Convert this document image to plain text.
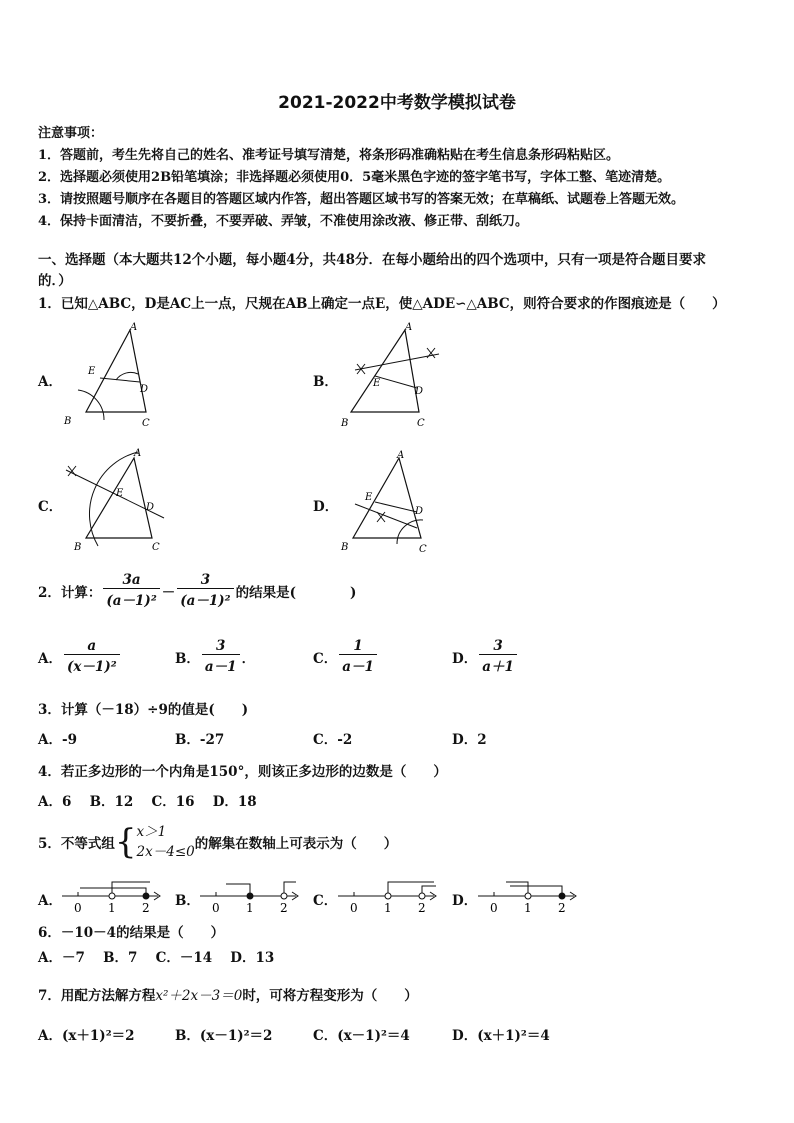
2021-2022中考数学模拟试卷
注意事项：
1．答题前，考生先将自己的姓名、准考证号填写清楚，将条形码准确粘贴在考生信息条形码粘贴区。
2．选择题必须使用2B铅笔填涂；非选择题必须使用0．5毫米黑色字迹的签字笔书写，字体工整、笔迹清楚。
3．请按照题号顺序在各题目的答题区域内作答，超出答题区域书写的答案无效；在草稿纸、试题卷上答题无效。
4．保持卡面清洁，不要折叠，不要弄破、弄皱，不准使用涂改液、修正带、刮纸刀。
一、选择题（本大题共12个小题，每小题4分，共48分．在每小题给出的四个选项中，只有一项是符合题目要求
的．）
1．已知△ABC，D是AC上一点，尺规在AB上确定一点E，使△ADE∽△ABC，则符合要求的作图痕迹是（　　）
A．
A
E
D
B	C
B．
A
E
D
B	C
C．
A
E
D
B	C
D．
A
E
D
B	C
2．计算： $\frac{3a}{\text{(a－1)²}} - \frac{3}{\text{(a－1)²}}$ 的结果是(　　　　)
A． $\frac{a}{\text{(x－1)²}}$	B． $\frac{3}{a-1}$ ．	C． $\frac{1}{a-1}$	D． $\frac{3}{a+1}$
3．计算（－18）÷9的值是(　　)
A．-9	B．-27	C．-2	D．2
4．若正多边形的一个内角是150°，则该正多边形的边数是（　　）
A．6　 B．12　 C．16　 D．18
5．不等式组 { x＞1
2x－4≤0 的解集在数轴上可表示为（　　）
A． 0 1 2 B． 0 1 2 C． 0 1 2 D． 0 1 2
6．－10－4的结果是（　　）
A．－7　 B．7　 C．－14　 D．13
7．用配方法解方程x²＋2x－3＝0时，可将方程变形为（　　）
A．(x＋1)²＝2	B．(x－1)²＝2	C．(x－1)²＝4	D．(x＋1)²＝4
